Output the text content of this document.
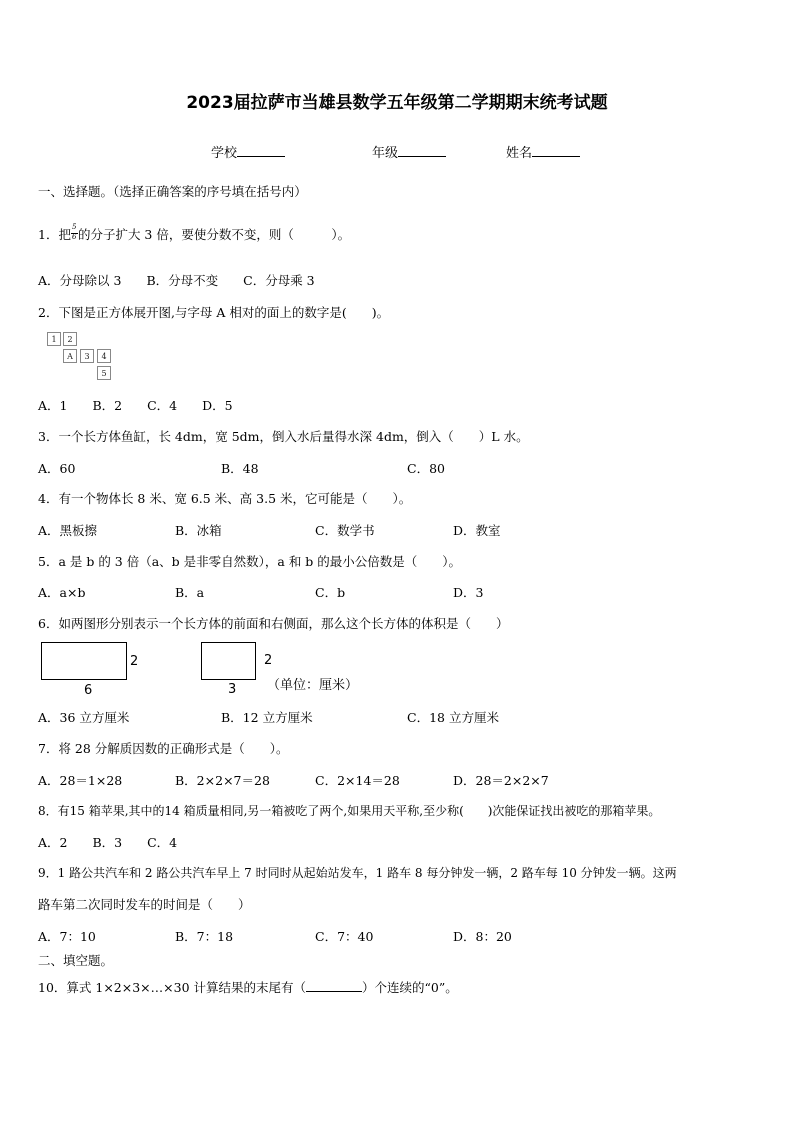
2023届拉萨市当雄县数学五年级第二学期期末统考试题
学校	年级	姓名
一、选择题。（选择正确答案的序号填在括号内）
1．把 $\frac{5}{6}$ 的分子扩大 3 倍，要使分数不变，则（　　　）。
A．分母除以 3　　B．分母不变　　C．分母乘 3
2．下图是正方体展开图,与字母 A 相对的面上的数字是(　　)。
1	2
A	3	4
5
A．1　　B．2　　C．4　　D．5
3．一个长方体鱼缸，长 4dm，宽 5dm，倒入水后量得水深 4dm，倒入（　　）L 水。
A．60	B．48	C．80
4．有一个物体长 8 米、宽 6.5 米、高 3.5 米，它可能是（　　）。
A．黑板擦	B．冰箱	C．数学书	D．教室
5．a 是 b 的 3 倍（a、b 是非零自然数），a 和 b 的最小公倍数是（　　）。
A．a×b	B．a	C．b	D．3
6．如两图形分别表示一个长方体的前面和右侧面，那么这个长方体的体积是（　　）
2
6
2
3 （单位：厘米）
A．36 立方厘米	B．12 立方厘米	C．18 立方厘米
7．将 28 分解质因数的正确形式是（　　）。
A．28＝1×28	B．2×2×7＝28	C．2×14＝28	D．28＝2×2×7
8．有15 箱苹果,其中的14 箱质量相同,另一箱被吃了两个,如果用天平称,至少称(　　)次能保证找出被吃的那箱苹果。
A．2　　B．3　　C．4
9．1 路公共汽车和 2 路公共汽车早上 7 时同时从起始站发车，1 路车 8 每分钟发一辆，2 路车每 10 分钟发一辆。这两
路车第二次同时发车的时间是（　　）
A．7：10	B．7：18	C．7：40	D．8：20
二、填空题。
10．算式 1×2×3×…×30 计算结果的末尾有（	）个连续的“0”。
